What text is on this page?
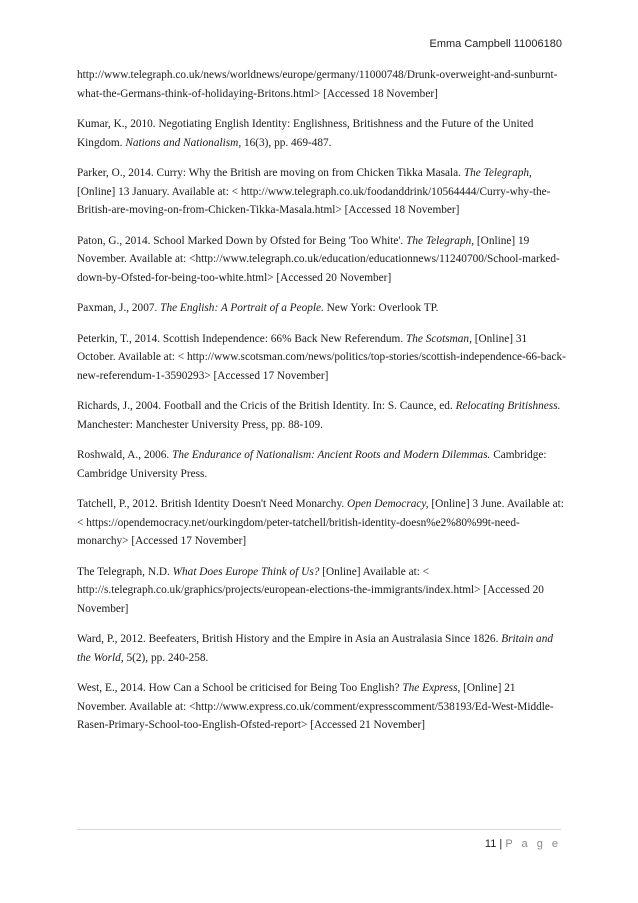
Emma Campbell 11006180

http://www.telegraph.co.uk/news/worldnews/europe/germany/11000748/Drunk-overweight-and-sunburnt-what-the-Germans-think-of-holidaying-Britons.html> [Accessed 18 November]

Kumar, K., 2010. Negotiating English Identity: Englishness, Britishness and the Future of the United Kingdom. Nations and Nationalism, 16(3), pp. 469-487.

Parker, O., 2014. Curry: Why the British are moving on from Chicken Tikka Masala. The Telegraph, [Online] 13 January. Available at: < http://www.telegraph.co.uk/foodanddrink/10564444/Curry-why-the-British-are-moving-on-from-Chicken-Tikka-Masala.html> [Accessed 18 November]

Paton, G., 2014. School Marked Down by Ofsted for Being 'Too White'. The Telegraph, [Online] 19 November. Available at: <http://www.telegraph.co.uk/education/educationnews/11240700/School-marked-down-by-Ofsted-for-being-too-white.html> [Accessed 20 November]

Paxman, J., 2007. The English: A Portrait of a People. New York: Overlook TP.

Peterkin, T., 2014. Scottish Independence: 66% Back New Referendum. The Scotsman, [Online] 31 October. Available at: < http://www.scotsman.com/news/politics/top-stories/scottish-independence-66-back-new-referendum-1-3590293> [Accessed 17 November]

Richards, J., 2004. Football and the Cricis of the British Identity. In: S. Caunce, ed. Relocating Britishness. Manchester: Manchester University Press, pp. 88-109.

Roshwald, A., 2006. The Endurance of Nationalism: Ancient Roots and Modern Dilemmas. Cambridge: Cambridge University Press.

Tatchell, P., 2012. British Identity Doesn't Need Monarchy. Open Democracy, [Online] 3 June. Available at: < https://opendemocracy.net/ourkingdom/peter-tatchell/british-identity-doesn%e2%80%99t-need-monarchy> [Accessed 17 November]

The Telegraph, N.D. What Does Europe Think of Us? [Online] Available at: < http://s.telegraph.co.uk/graphics/projects/european-elections-the-immigrants/index.html> [Accessed 20 November]

Ward, P., 2012. Beefeaters, British History and the Empire in Asia an Australasia Since 1826. Britain and the World, 5(2), pp. 240-258.

West, E., 2014. How Can a School be criticised for Being Too English? The Express, [Online] 21 November. Available at: <http://www.express.co.uk/comment/expresscomment/538193/Ed-West-Middle-Rasen-Primary-School-too-English-Ofsted-report> [Accessed 21 November]

11 | P a g e
